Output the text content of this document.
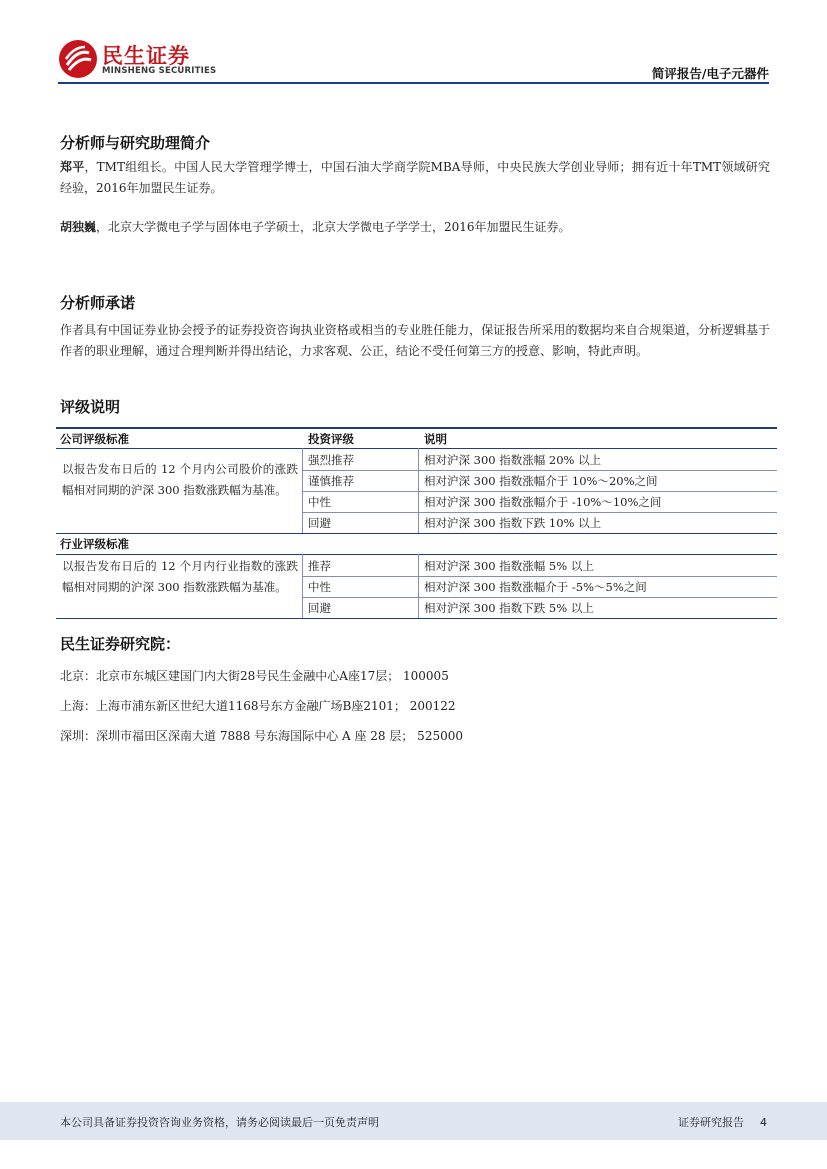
民生证券
MINSHENG SECURITIES	简评报告/电子元器件
分析师与研究助理简介
郑平，TMT组组长。中国人民大学管理学博士，中国石油大学商学院MBA导师，中央民族大学创业导师；拥有近十年TMT领域研究经验，2016年加盟民生证券。
胡独巍，北京大学微电子学与固体电子学硕士，北京大学微电子学学士，2016年加盟民生证券。
分析师承诺
作者具有中国证券业协会授予的证券投资咨询执业资格或相当的专业胜任能力，保证报告所采用的数据均来自合规渠道，分析逻辑基于作者的职业理解，通过合理判断并得出结论，力求客观、公正，结论不受任何第三方的授意、影响，特此声明。
评级说明
公司评级标准	投资评级	说明
以报告发布日后的 12 个月内公司股价的涨跌幅相对同期的沪深 300 指数涨跌幅为基准。
强烈推荐	相对沪深 300 指数涨幅 20% 以上
谨慎推荐	相对沪深 300 指数涨幅介于 10%～20%之间
中性	相对沪深 300 指数涨幅介于 -10%～10%之间
回避	相对沪深 300 指数下跌 10% 以上
行业评级标准
以报告发布日后的 12 个月内行业指数的涨跌幅相对同期的沪深 300 指数涨跌幅为基准。
推荐	相对沪深 300 指数涨幅 5% 以上
中性	相对沪深 300 指数涨幅介于 -5%～5%之间
回避	相对沪深 300 指数下跌 5% 以上
民生证券研究院：
北京：北京市东城区建国门内大街28号民生金融中心A座17层； 100005
上海：上海市浦东新区世纪大道1168号东方金融广场B座2101； 200122
深圳：深圳市福田区深南大道 7888 号东海国际中心 A 座 28 层； 525000
本公司具备证券投资咨询业务资格，请务必阅读最后一页免责声明	证券研究报告 4
